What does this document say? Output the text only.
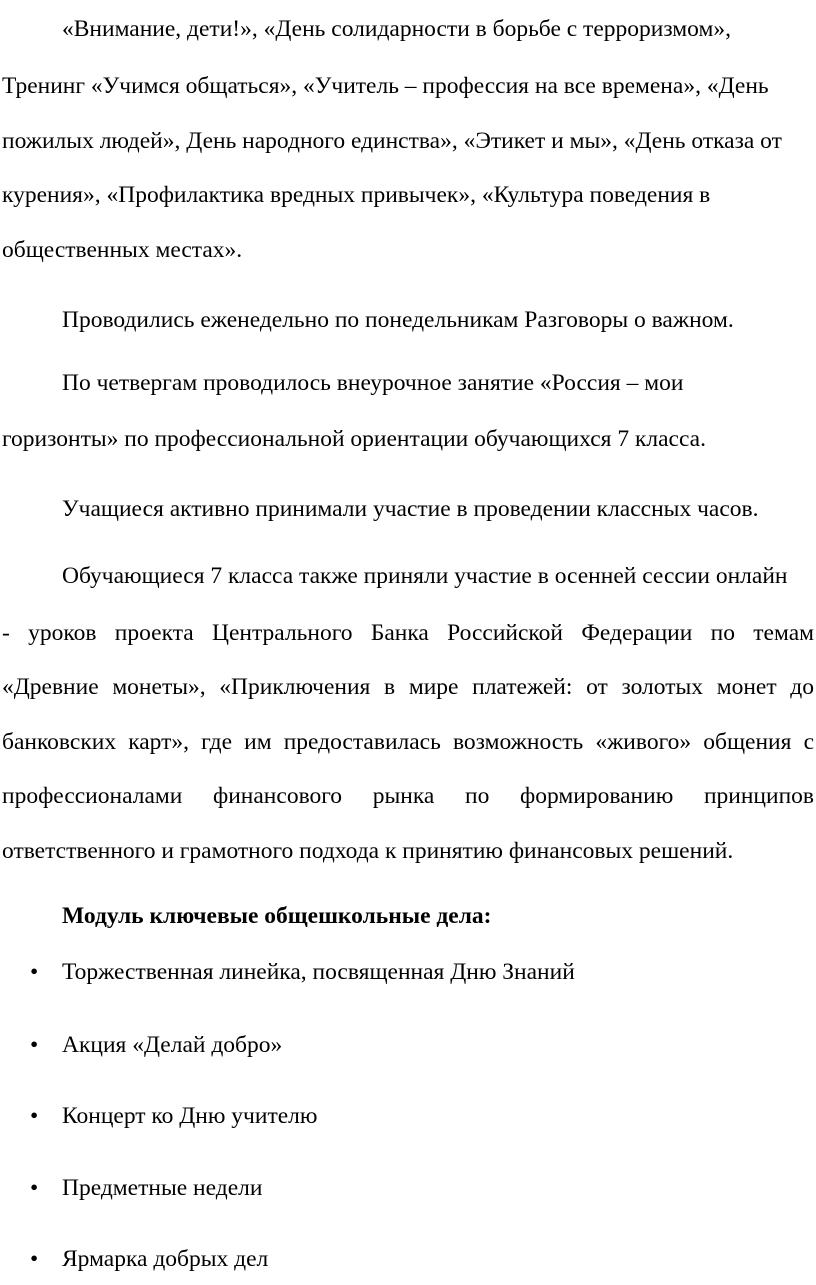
«Внимание, дети!», «День солидарности в борьбе с терроризмом»,
Тренинг «Учимся общаться», «Учитель – профессия на все времена», «День
пожилых людей», День народного единства», «Этикет и мы», «День отказа от
курения», «Профилактика вредных привычек», «Культура поведения в
общественных местах».
Проводились еженедельно по понедельникам Разговоры о важном.
По четвергам проводилось внеурочное занятие «Россия – мои
горизонты» по профессиональной ориентации обучающихся 7 класса.
Учащиеся активно принимали участие в проведении классных часов.
Обучающиеся 7 класса также приняли участие в осенней сессии онлайн
- уроков проекта Центрального Банка Российской Федерации по темам
«Древние монеты», «Приключения в мире платежей: от золотых монет до
банковских карт», где им предоставилась возможность «живого» общения с
профессионалами финансового рынка по формированию принципов
ответственного и грамотного подхода к принятию финансовых решений.
Модуль ключевые общешкольные дела:
• Торжественная линейка, посвященная Дню Знаний
• Акция «Делай добро»
• Концерт ко Дню учителю
• Предметные недели
• Ярмарка добрых дел
